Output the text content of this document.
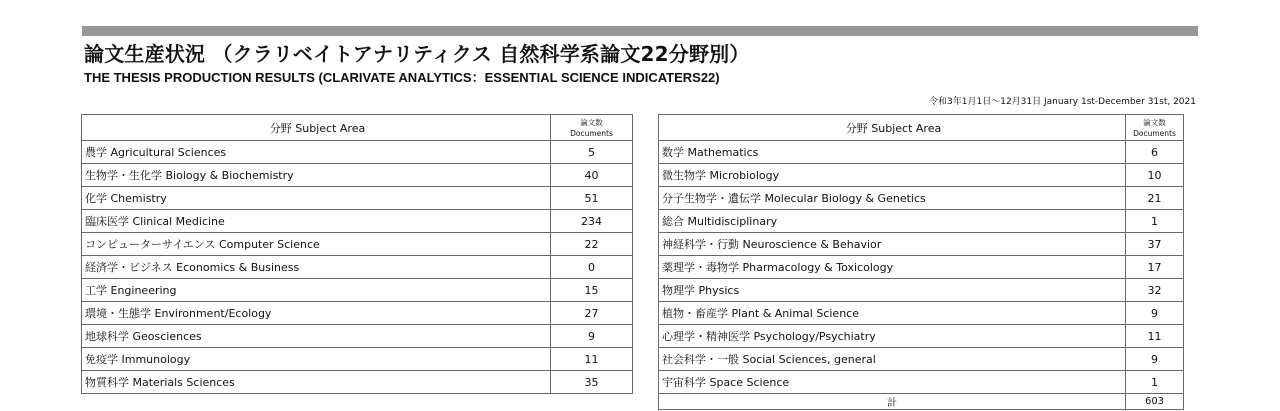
論文生産状況 （クラリベイトアナリティクス 自然科学系論文22分野別）
THE THESIS PRODUCTION RESULTS (CLARIVATE ANALYTICS：ESSENTIAL SCIENCE INDICATERS22)
令和3年1月1日～12月31日 January 1st-December 31st, 2021
分野 Subject Area	論文数
Documents

農学 Agricultural Sciences	5
生物学・生化学 Biology & Biochemistry	40
化学 Chemistry	51
臨床医学 Clinical Medicine	234
コンピューターサイエンス Computer Science	22
経済学・ビジネス Economics & Business	0
工学 Engineering	15
環境・生態学 Environment/Ecology	27
地球科学 Geosciences	9
免疫学 Immunology	11
物質科学 Materials Sciences	35
分野 Subject Area	論文数
Documents

数学 Mathematics	6
微生物学 Microbiology	10
分子生物学・遺伝学 Molecular Biology & Genetics	21
総合 Multidisciplinary	1
神経科学・行動 Neuroscience & Behavior	37
薬理学・毒物学 Pharmacology & Toxicology	17
物理学 Physics	32
植物・畜産学 Plant & Animal Science	9
心理学・精神医学 Psychology/Psychiatry	11
社会科学・一般 Social Sciences, general	9
宇宙科学 Space Science	1
計	603
